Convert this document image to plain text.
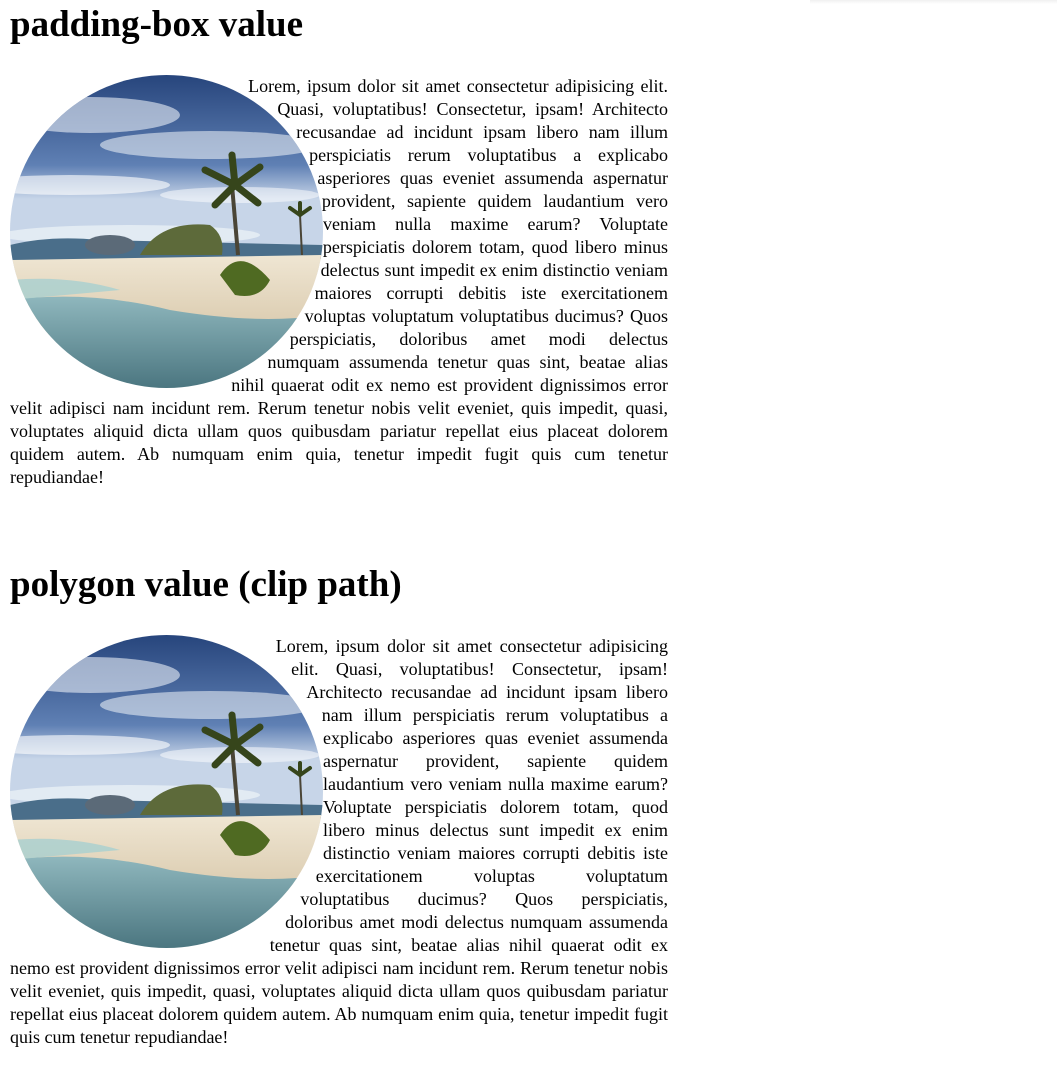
padding-box value

Lorem, ipsum dolor sit amet consectetur adipisicing elit. Quasi, voluptatibus! Consectetur, ipsam! Architecto recusandae ad incidunt ipsam libero nam illum perspiciatis rerum voluptatibus a explicabo asperiores quas eveniet assumenda aspernatur provident, sapiente quidem laudantium vero veniam nulla maxime earum? Voluptate perspiciatis dolorem totam, quod libero minus delectus sunt impedit ex enim distinctio veniam maiores corrupti debitis iste exercitationem voluptas voluptatum voluptatibus ducimus? Quos perspiciatis, doloribus amet modi delectus numquam assumenda tenetur quas sint, beatae alias nihil quaerat odit ex nemo est provident dignissimos error velit adipisci nam incidunt rem. Rerum tenetur nobis velit eveniet, quis impedit, quasi, voluptates aliquid dicta ullam quos quibusdam pariatur repellat eius placeat dolorem quidem autem. Ab numquam enim quia, tenetur impedit fugit quis cum tenetur repudiandae!

polygon value (clip path)

Lorem, ipsum dolor sit amet consectetur adipisicing elit. Quasi, voluptatibus! Consectetur, ipsam! Architecto recusandae ad incidunt ipsam libero nam illum perspiciatis rerum voluptatibus a explicabo asperiores quas eveniet assumenda aspernatur provident, sapiente quidem laudantium vero veniam nulla maxime earum? Voluptate perspiciatis dolorem totam, quod libero minus delectus sunt impedit ex enim distinctio veniam maiores corrupti debitis iste exercitationem voluptas voluptatum voluptatibus ducimus? Quos perspiciatis, doloribus amet modi delectus numquam assumenda tenetur quas sint, beatae alias nihil quaerat odit ex nemo est provident dignissimos error velit adipisci nam incidunt rem. Rerum tenetur nobis velit eveniet, quis impedit, quasi, voluptates aliquid dicta ullam quos quibusdam pariatur repellat eius placeat dolorem quidem autem. Ab numquam enim quia, tenetur impedit fugit quis cum tenetur repudiandae!
